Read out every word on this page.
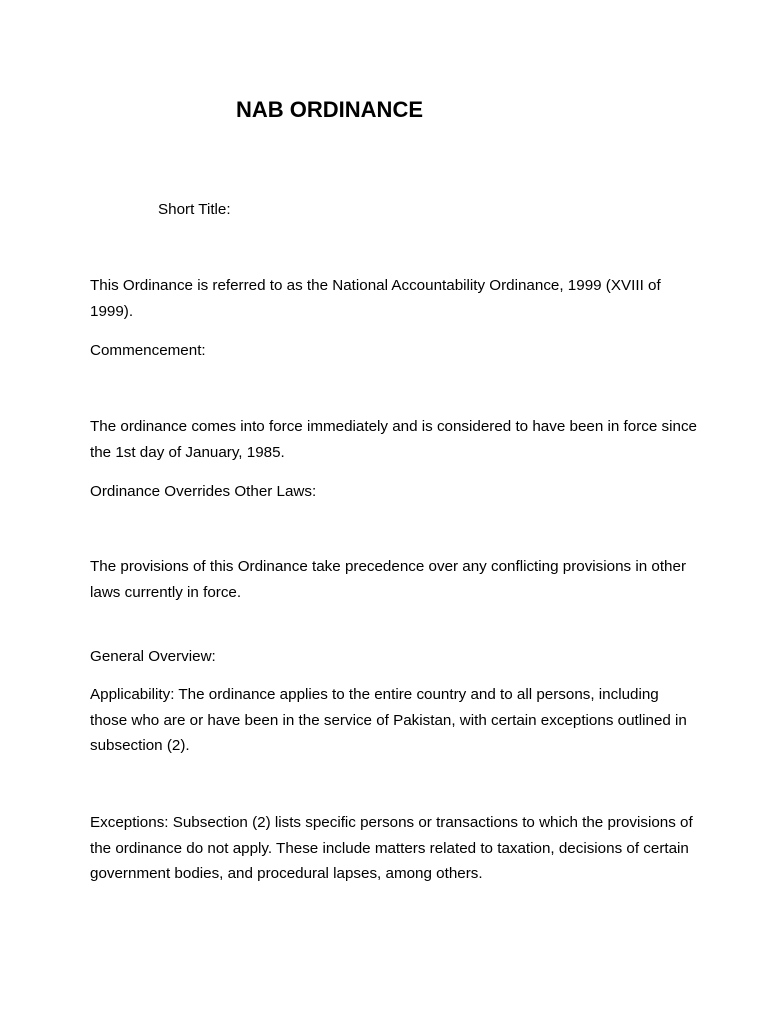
NAB ORDINANCE

Short Title:

This Ordinance is referred to as the National Accountability Ordinance, 1999 (XVIII of 1999).

Commencement:

The ordinance comes into force immediately and is considered to have been in force since the 1st day of January, 1985.

Ordinance Overrides Other Laws:

The provisions of this Ordinance take precedence over any conflicting provisions in other laws currently in force.

General Overview:

Applicability: The ordinance applies to the entire country and to all persons, including those who are or have been in the service of Pakistan, with certain exceptions outlined in subsection (2).

Exceptions: Subsection (2) lists specific persons or transactions to which the provisions of the ordinance do not apply. These include matters related to taxation, decisions of certain government bodies, and procedural lapses, among others.
